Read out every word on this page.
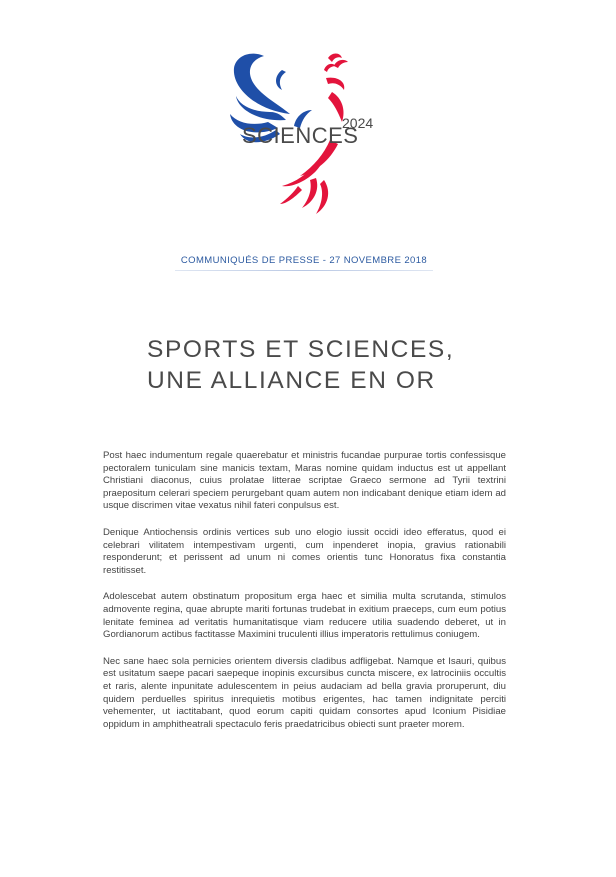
SCIENCES
2024
COMMUNIQUÉS DE PRESSE - 27 NOVEMBRE 2018
SPORTS ET SCIENCES,
UNE ALLIANCE EN OR

Post haec indumentum regale quaerebatur et ministris fucandae purpurae tortis confessisque pectoralem tuniculam sine manicis textam, Maras nomine quidam inductus est ut appellant Christiani diaconus, cuius prolatae litterae scriptae Graeco sermone ad Tyrii textrini praepositum celerari speciem perurgebant quam autem non indicabant denique etiam idem ad usque discrimen vitae vexatus nihil fateri conpulsus est.

Denique Antiochensis ordinis vertices sub uno elogio iussit occidi ideo efferatus, quod ei celebrari vilitatem intempestivam urgenti, cum inpenderet inopia, gravius rationabili responderunt; et perissent ad unum ni comes orientis tunc Honoratus fixa constantia restitisset.

Adolescebat autem obstinatum propositum erga haec et similia multa scrutanda, stimulos admovente regina, quae abrupte mariti fortunas trudebat in exitium praeceps, cum eum potius lenitate feminea ad veritatis humanitatisque viam reducere utilia suadendo deberet, ut in Gordianorum actibus factitasse Maximini truculenti illius imperatoris rettulimus coniugem.

Nec sane haec sola pernicies orientem diversis cladibus adfligebat. Namque et Isauri, quibus est usitatum saepe pacari saepeque inopinis excursibus cuncta miscere, ex latrociniis occultis et raris, alente inpunitate adulescentem in peius audaciam ad bella gravia proruperunt, diu quidem perduelles spiritus inrequietis motibus erigentes, hac tamen indignitate perciti vehementer, ut iactitabant, quod eorum capiti quidam consortes apud Iconium Pisidiae oppidum in amphitheatrali spectaculo feris praedatricibus obiecti sunt praeter morem.
